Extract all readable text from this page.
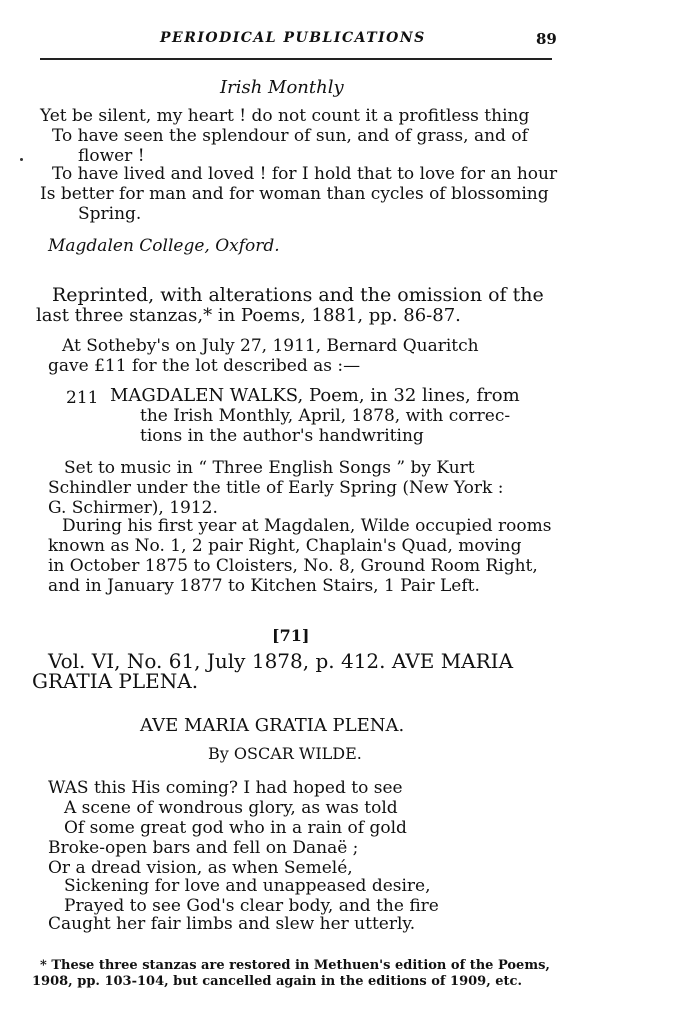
PERIODICAL PUBLICATIONS	89
Irish Monthly
Yet be silent, my heart ! do not count it a profitless thing
To have seen the splendour of sun, and of grass, and of
flower !
To have lived and loved ! for I hold that to love for an hour
Is better for man and for woman than cycles of blossoming
Spring.
Magdalen College, Oxford.
Reprinted, with alterations and the omission of the
last three stanzas,* in Poems, 1881, pp. 86-87.
At Sotheby's on July 27, 1911, Bernard Quaritch
gave £11 for the lot described as :—
211 MAGDALEN WALKS, Poem, in 32 lines, from
the Irish Monthly, April, 1878, with correc-
tions in the author's handwriting
Set to music in “ Three English Songs ” by Kurt
Schindler under the title of Early Spring (New York :
G. Schirmer), 1912.
During his first year at Magdalen, Wilde occupied rooms
known as No. 1, 2 pair Right, Chaplain's Quad, moving
in October 1875 to Cloisters, No. 8, Ground Room Right,
and in January 1877 to Kitchen Stairs, 1 Pair Left.
[71]
Vol. VI, No. 61, July 1878, p. 412. AVE MARIA
GRATIA PLENA.
AVE MARIA GRATIA PLENA.
By OSCAR WILDE.
WAS this His coming? I had hoped to see
A scene of wondrous glory, as was told
Of some great god who in a rain of gold
Broke-open bars and fell on Danaë ;
Or a dread vision, as when Semelé,
Sickening for love and unappeased desire,
Prayed to see God's clear body, and the fire
Caught her fair limbs and slew her utterly.
* These three stanzas are restored in Methuen's edition of the Poems,
1908, pp. 103-104, but cancelled again in the editions of 1909, etc.
